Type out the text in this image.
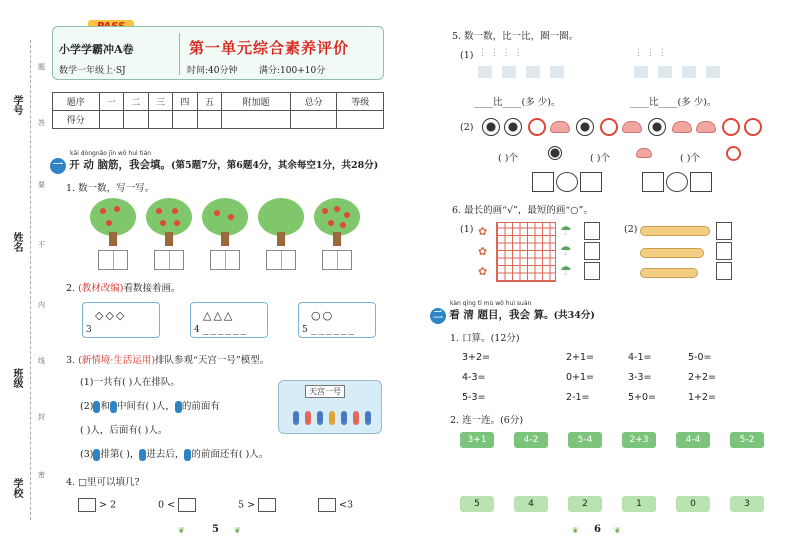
学号
姓名
班级
学校
题
答
要
不
内
线
封
密
小学学霸冲A卷
数学一年级上·SJ
第一单元综合素养评价
时间:40分钟 满分:100+10分
题序	一	二	三	四	五	附加题	总分	等级
得分								
kāi dòngnǎo jīn wǒ huì tián
一 开 动 脑筋，我会填。(第5题7分，第6题4分，其余每空1分，共28分)
1. 数一数，写一写。
2. (教材改编)看数接着画。
◇◇◇
3
△△△ ______
4
○○ ______
5
3. (新情境·生活运用)排队参观“天宫一号”模型。
(1)一共有( )人在排队。
(2) 和 中间有( )人， 的前面有
( )人，后面有( )人。
(3) 排第( )， 进去后， 的前面还有( )人。
天宫一号
4. □里可以填几?
> 2	0 <	5 >	<3
❦	5 ❦
5. 数一数，比一比，圈一圈。
(1) ⋮ ⋮ ⋮ ⋮	⋮ ⋮ ⋮
____比____(多 少)。	____比____(多 少)。
(2)
( )个	( )个	( )个
6. 最长的画“√”，最短的画“○”。
(1) ✿
✿
✿
☂
☂
☂
(2)
kàn qīng tí mù wǒ huì suàn
二 看 清 题目，我会 算。(共34分)
1. 口算。(12分)
3+2=	2+1=	4-1=	5-0=
4-3=	0+1=	3-3=	2+2=
5-3=	2-1=	5+0=	1+2=
2. 连一连。(6分)
3+1	4-2	5-4	2+3	4-4	5-2
5	4	2	1	0	3
❦ 6 ❦
